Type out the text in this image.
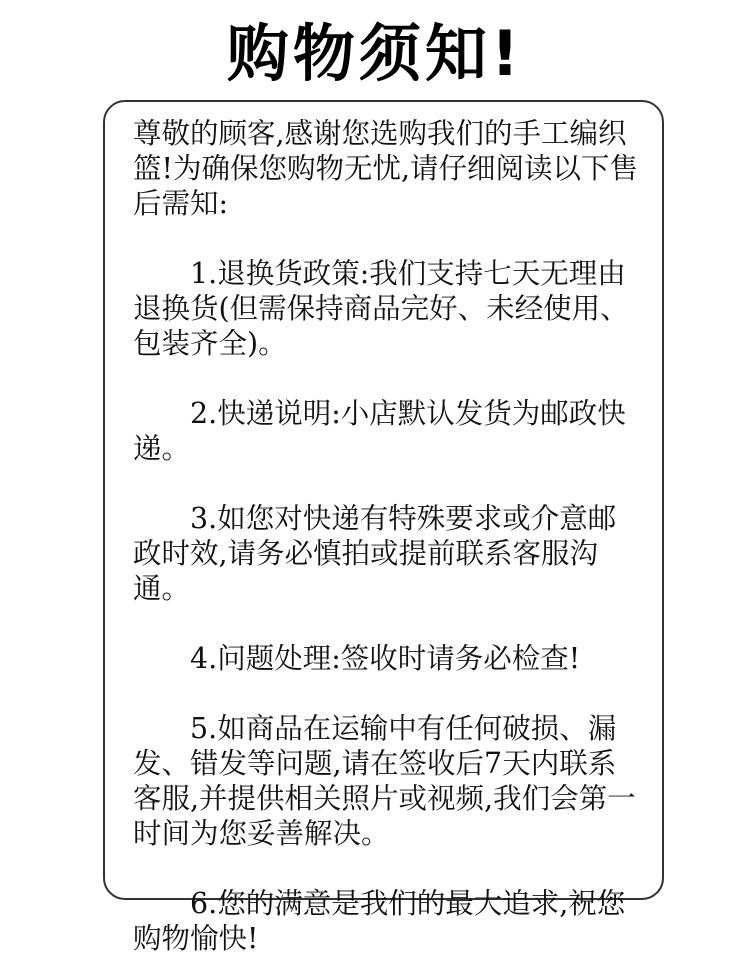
购物须知!

尊敬的顾客,感谢您选购我们的手工编织篮!为确保您购物无忧,请仔细阅读以下售后需知:

1.退换货政策:我们支持七天无理由退换货(但需保持商品完好、未经使用、包装齐全)。

2.快递说明:小店默认发货为邮政快递。

3.如您对快递有特殊要求或介意邮政时效,请务必慎拍或提前联系客服沟通。

4.问题处理:签收时请务必检查!

5.如商品在运输中有任何破损、漏发、错发等问题,请在签收后7天内联系客服,并提供相关照片或视频,我们会第一时间为您妥善解决。

6.您的满意是我们的最大追求,祝您购物愉快!
